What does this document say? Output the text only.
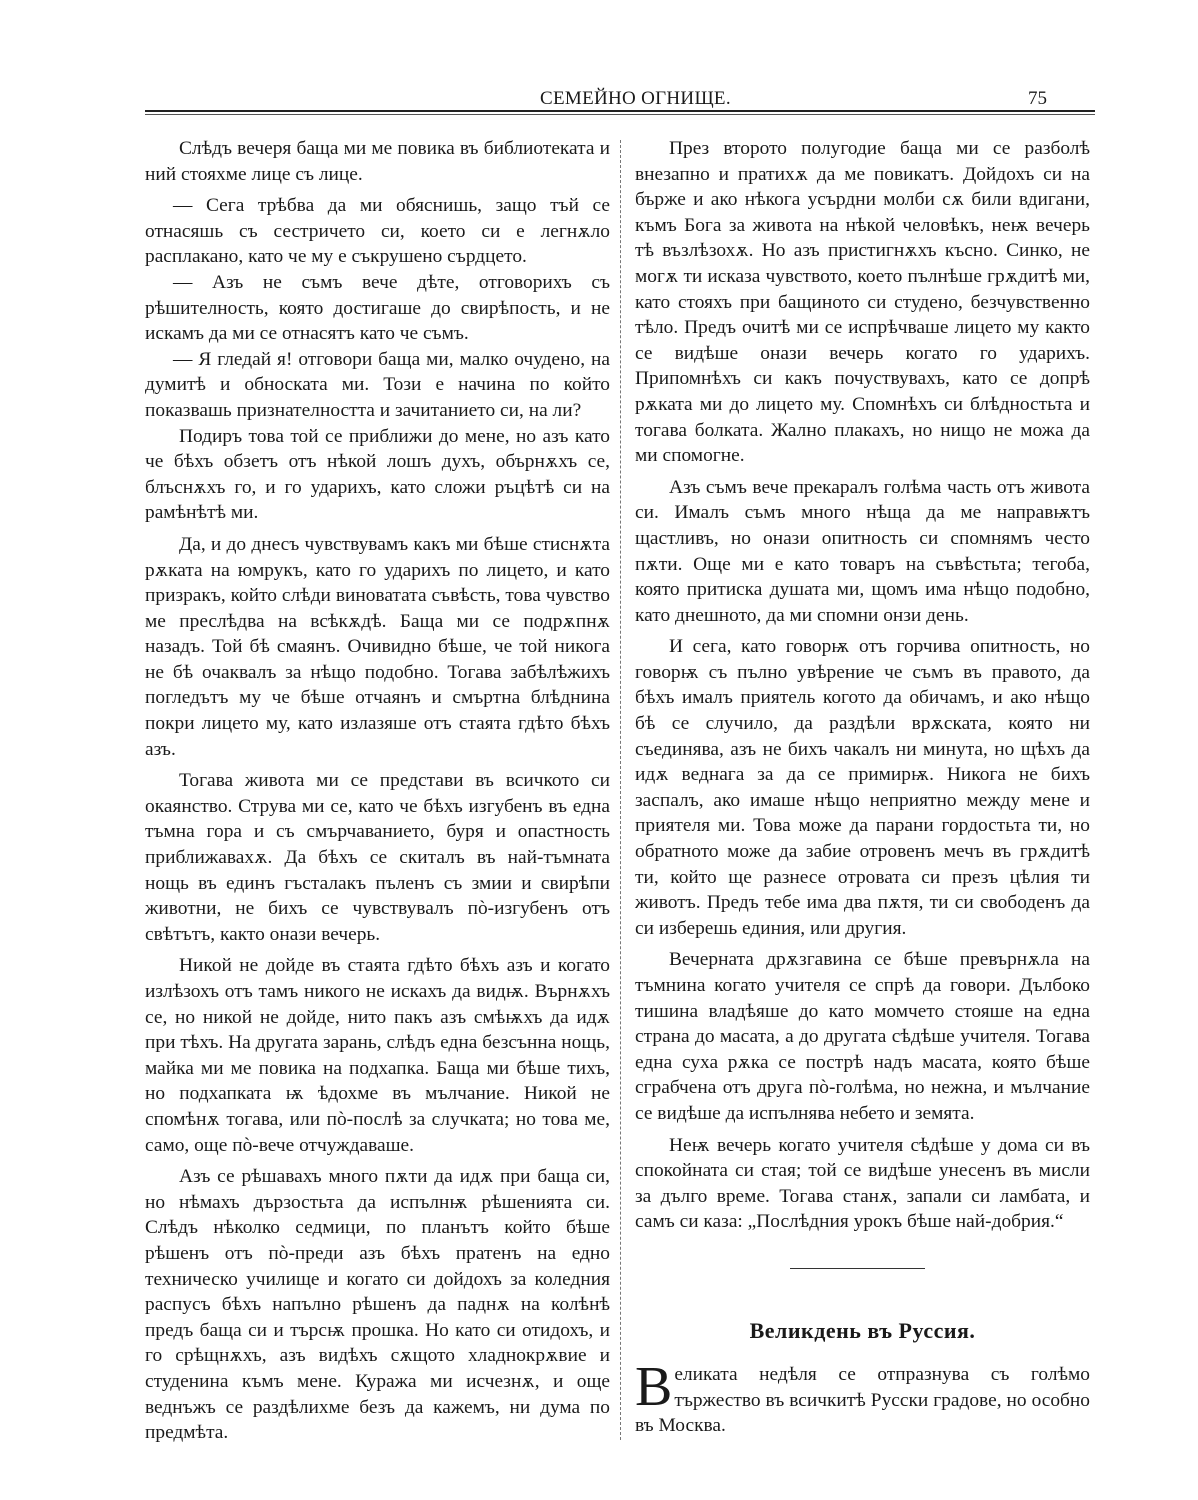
СЕМЕЙНО ОГНИЩЕ.	75

Слѣдъ вечеря баща ми ме повика въ библиотеката и ний стояхме лице съ лице.

— Сега трѣбва да ми обяснишь, защо тъй се отнасяшь съ сестричето си, което си е легнѫло расплакано, като че му е съкрушено сърдцето.

— Азъ не съмъ вече дѣте, отговорихъ съ рѣшителность, която достигаше до свирѣпость, и не искамъ да ми се отнасятъ като че съмъ.

— Я гледай я! отговори баща ми, малко очудено, на думитѣ и обноската ми. Този е начина по който показвашь признателността и зачитанието си, на ли?

Подиръ това той се приближи до мене, но азъ като че бѣхъ обзетъ отъ нѣкой лошъ духъ, обърнѫхъ се, блъснѫхъ го, и го ударихъ, като сложи ръцѣтѣ си на рамѣнѣтѣ ми.

Да, и до днесъ чувствувамъ какъ ми бѣше стиснѫта рѫката на юмрукъ, като го ударихъ по лицето, и като призракъ, който слѣди виноватата съвѣсть, това чувство ме преслѣдва на всѣкѫдѣ. Баща ми се подрѫпнѫ назадъ. Той бѣ смаянъ. Очивидно бѣше, че той никога не бѣ очаквалъ за нѣщо подобно. Тогава забѣлѣжихъ погледътъ му че бѣше отчаянъ и смъртна блѣднина покри лицето му, като излазяше отъ стаята гдѣто бѣхъ азъ.

Тогава живота ми се представи въ всичкото си окаянство. Струва ми се, като че бѣхъ изгубенъ въ една тъмна гора и съ смърчаванието, буря и опастность приближавахѫ. Да бѣхъ се скиталъ въ най-тъмната нощь въ единъ гъсталакъ пъленъ съ змии и свирѣпи животни, не бихъ се чувствувалъ пò-изгубенъ отъ свѣтътъ, както онази вечерь.

Никой не дойде въ стаята гдѣто бѣхъ азъ и когато излѣзохъ отъ тамъ никого не искахъ да видѭ. Върнѫхъ се, но никой не дойде, нито пакъ азъ смѣѭхъ да идѫ при тѣхъ. На другата зарань, слѣдъ една безсънна нощь, майка ми ме повика на подхапка. Баща ми бѣше тихъ, но подхапката ѭ ѣдохме въ мълчание. Никой не спомѣнѫ тогава, или пò-послѣ за случката; но това ме, само, още пò-вече отчуждаваше.

Азъ се рѣшавахъ много пѫти да идѫ при баща си, но нѣмахъ дързостьта да испълнѭ рѣшенията си. Слѣдъ нѣколко седмици, по планътъ който бѣше рѣшенъ отъ пò-преди азъ бѣхъ пратенъ на едно техническо училище и когато си дойдохъ за коледния распусъ бѣхъ напълно рѣшенъ да паднѫ на колѣнѣ предъ баща си и търсѭ прошка. Но като си отидохъ, и го срѣщнѫхъ, азъ видѣхъ сѫщото хладнокрѫвие и студенина къмъ мене. Куража ми исчезнѫ, и още веднъжъ се раздѣлихме безъ да кажемъ, ни дума по предмѣта.

През второто полугодие баща ми се разболѣ внезапно и пратихѫ да ме повикатъ. Дойдохъ си на бърже и ако нѣкога усърдни молби сѫ били вдигани, къмъ Бога за живота на нѣкой человѣкъ, неѭ вечерь тѣ възлѣзохѫ. Но азъ пристигнѫхъ късно. Синко, не могѫ ти исказа чувството, което пълнѣше грѫдитѣ ми, като стояхъ при бащиното си студено, безчувственно тѣло. Предъ очитѣ ми се испрѣчваше лицето му както се видѣше онази вечерь когато го ударихъ. Припомнѣхъ си какъ почуствувахъ, като се допрѣ рѫката ми до лицето му. Спомнѣхъ си блѣдностьта и тогава болката. Жално плакахъ, но нищо не можа да ми спомогне.

Азъ съмъ вече прекаралъ голѣма часть отъ живота си. Ималъ съмъ много нѣща да ме направѭтъ щастливъ, но онази опитность си спомнямъ често пѫти. Още ми е като товаръ на съвѣстьта; тегоба, която притиска душата ми, щомъ има нѣщо подобно, като днешното, да ми спомни онзи день.

И сега, като говорѭ отъ горчива опитность, но говорѭ съ пълно увѣрение че съмъ въ правото, да бѣхъ ималъ приятель когото да обичамъ, и ако нѣщо бѣ се случило, да раздѣли врѫската, която ни съединява, азъ не бихъ чакалъ ни минута, но щѣхъ да идѫ веднага за да се примирѭ. Никога не бихъ заспалъ, ако имаше нѣщо неприятно между мене и приятеля ми. Това може да парани гордостьта ти, но обратното може да забие отровенъ мечъ въ грѫдитѣ ти, който ще разнесе отровата си презъ цѣлия ти животъ. Предъ тебе има два пѫтя, ти си свободенъ да си изберешь единия, или другия.

Вечерната дрѫзгавина се бѣше превърнѫла на тъмнина когато учителя се спрѣ да говори. Дълбоко тишина владѣяше до като момчето стояше на една страна до масата, а до другата сѣдѣше учителя. Тогава една суха рѫка се пострѣ надъ масата, която бѣше сграбчена отъ друга пò-голѣма, но нежна, и мълчание се видѣше да испълнява небето и земята.

Неѭ вечерь когато учителя сѣдѣше у дома си въ спокойната си стая; той се видѣше унесенъ въ мисли за дълго време. Тогава станѫ, запали си ламбата, и самъ си каза: „Послѣдния урокъ бѣше най-добрия.“

Великдень въ Руссия.
Великата недѣля се отпразнува съ голѣмо тържество въ всичкитѣ Русски градове, но особно въ Москва.
